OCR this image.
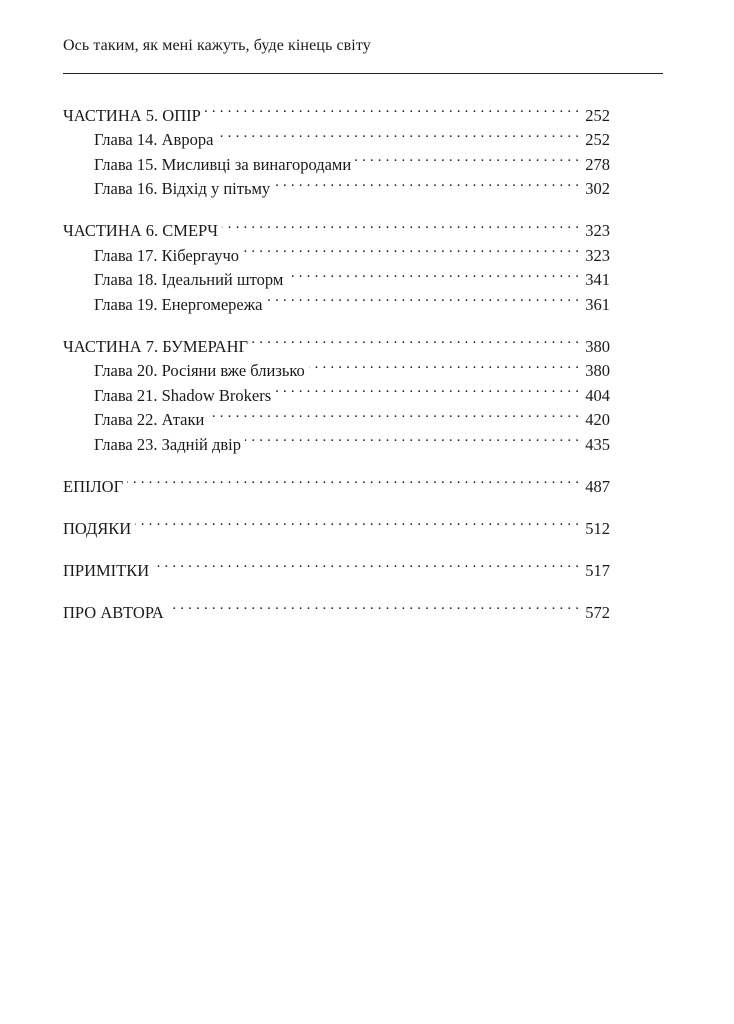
Ось таким, як мені кажуть, буде кінець світу
ЧАСТИНА 5. ОПІР . . .	252
Глава 14. Аврора . . .	252
Глава 15. Мисливці за винагородами . . .	278
Глава 16. Відхід у пітьму . . .	302
ЧАСТИНА 6. СМЕРЧ . . .	323
Глава 17. Кібергаучо . . .	323
Глава 18. Ідеальний шторм . . .	341
Глава 19. Енергомережа . . .	361
ЧАСТИНА 7. БУМЕРАНГ . . .	380
Глава 20. Росіяни вже близько . . .	380
Глава 21. Shadow Brokers . . .	404
Глава 22. Атаки . . .	420
Глава 23. Задній двір . . .	435
ЕПІЛОГ . . .	487
ПОДЯКИ . . .	512
ПРИМІТКИ . . .	517
ПРО АВТОРА . . .	572
